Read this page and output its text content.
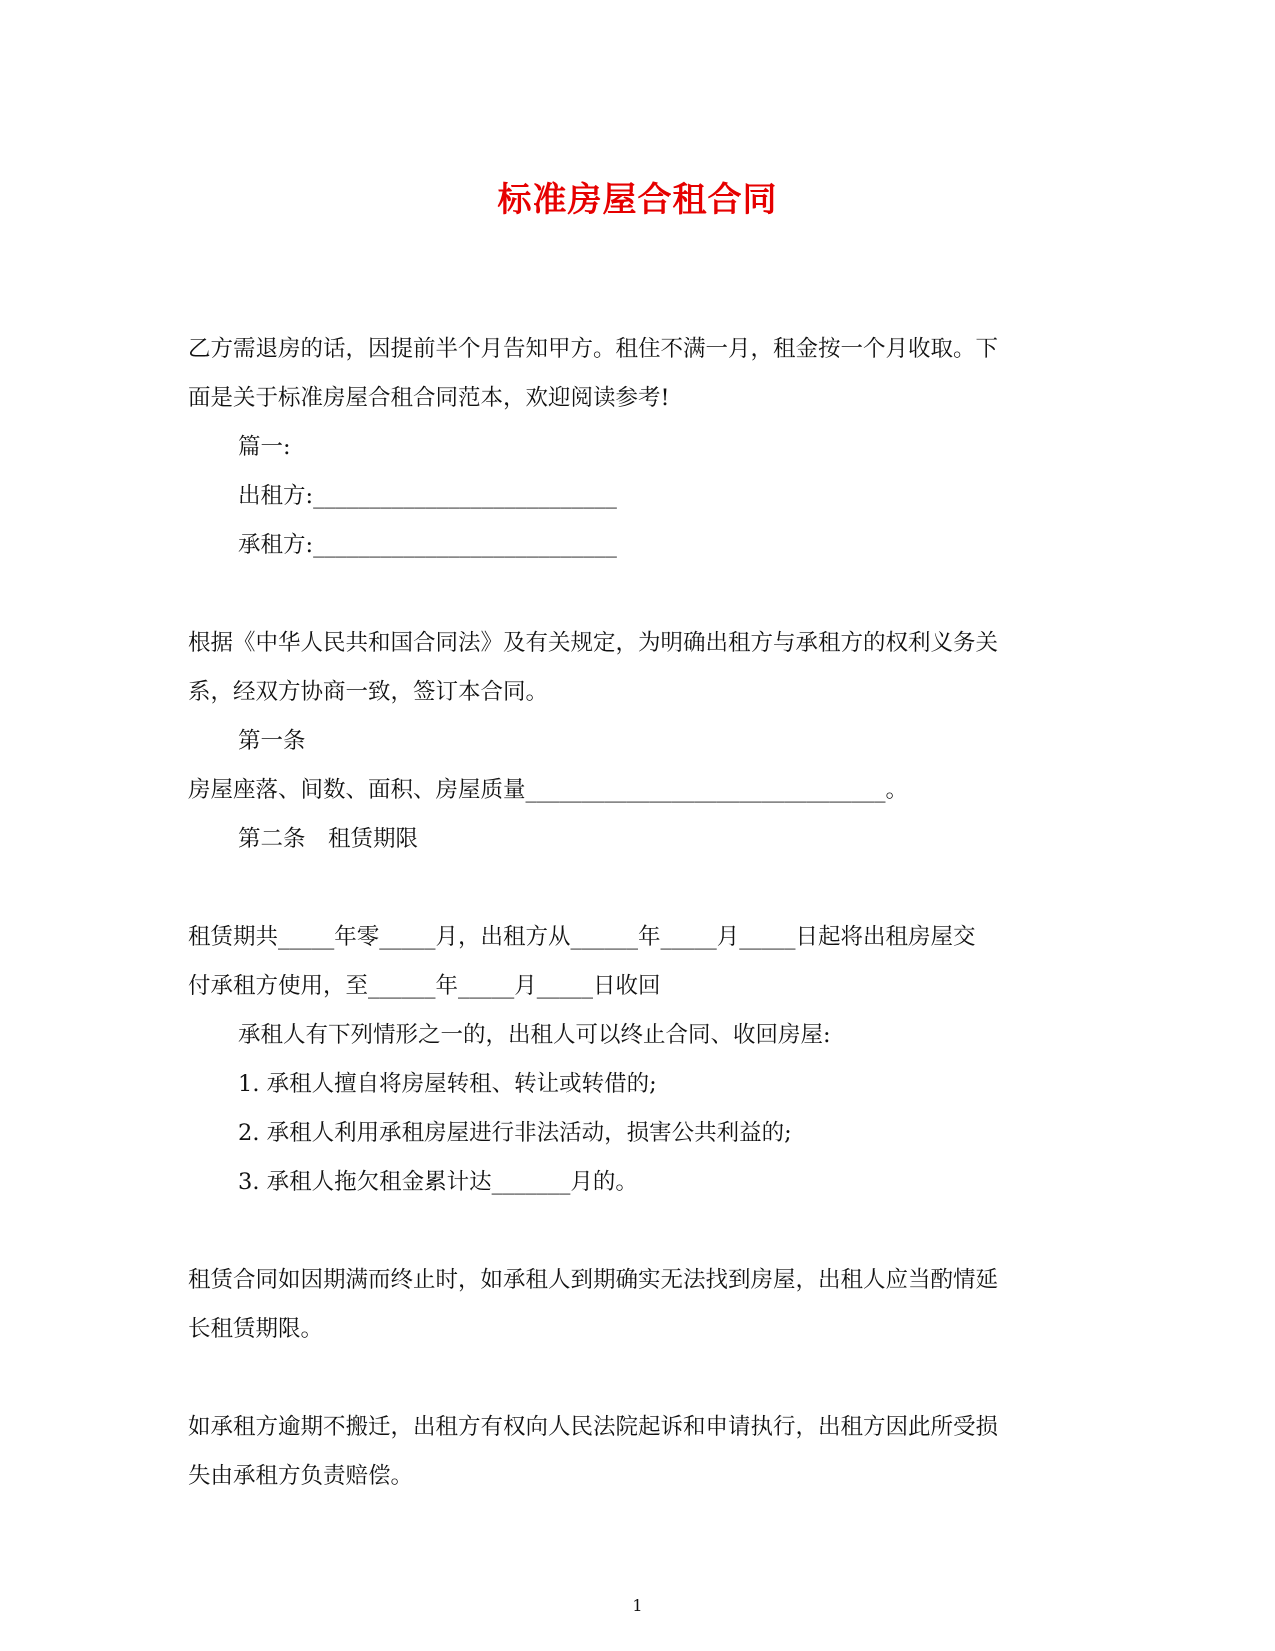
标准房屋合租合同

乙方需退房的话，因提前半个月告知甲方。租住不满一月，租金按一个月收取。下

面是关于标准房屋合租合同范本，欢迎阅读参考!

篇一:

出租方:___________________________

承租方:___________________________

根据《中华人民共和国合同法》及有关规定，为明确出租方与承租方的权利义务关

系，经双方协商一致，签订本合同。

第一条

房屋座落、间数、面积、房屋质量________________________________。

第二条　租赁期限

租赁期共_____年零_____月，出租方从______年_____月_____日起将出租房屋交

付承租方使用，至______年_____月_____日收回

承租人有下列情形之一的，出租人可以终止合同、收回房屋:

1. 承租人擅自将房屋转租、转让或转借的;

2. 承租人利用承租房屋进行非法活动，损害公共利益的;

3. 承租人拖欠租金累计达_______月的。

租赁合同如因期满而终止时，如承租人到期确实无法找到房屋，出租人应当酌情延

长租赁期限。

如承租方逾期不搬迁，出租方有权向人民法院起诉和申请执行，出租方因此所受损

失由承租方负责赔偿。

1
